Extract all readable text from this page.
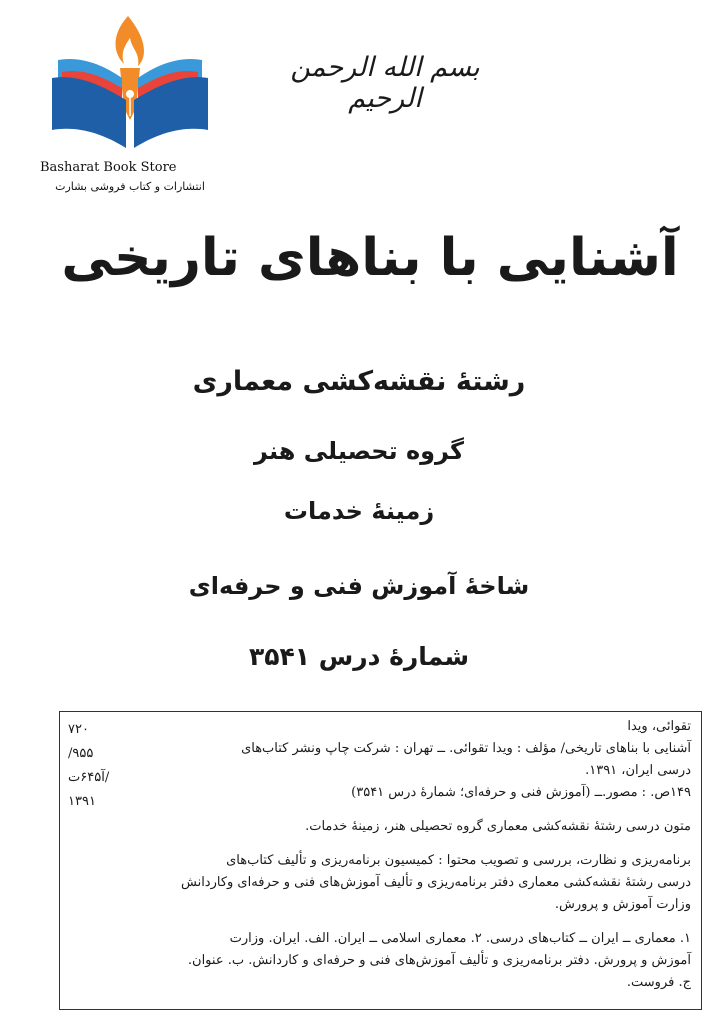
Basharat Book Store
انتشارات و کتاب فروشی بشارت
بسم الله الرحمن الرحیم
آشنایی با بناهای تاریخی
رشتهٔ نقشه‌کشی معماری
گروه تحصیلی هنر
زمینهٔ خدمات
شاخهٔ آموزش فنی و حرفه‌ای
شمارهٔ درس ۳۵۴۱
۷۲۰
/۹۵۵
آ۶۴۵ت/
۱۳۹۱
تقوائی، ویدا
آشنایی با بناهای تاریخی/ مؤلف : ویدا تقوائی. ــ تهران : شرکت چاپ ونشر کتاب‌های
درسی ایران، ۱۳۹۱.
۱۴۹ص. : مصور.ــ (آموزش فنی و حرفه‌ای؛ شمارهٔ درس ۳۵۴۱)
متون درسی رشتهٔ نقشه‌کشی معماری گروه تحصیلی هنر، زمینهٔ خدمات.
برنامه‌ریزی و نظارت، بررسی و تصویب محتوا : کمیسیون برنامه‌ریزی و تألیف کتاب‌های
درسی رشتهٔ نقشه‌کشی معماری دفتر برنامه‌ریزی و تألیف آموزش‌های فنی و حرفه‌ای وکاردانش
وزارت آموزش و پرورش.
۱. معماری ــ ایران ــ کتاب‌های درسی. ۲. معماری اسلامی ــ ایران. الف. ایران. وزارت
آموزش و پرورش. دفتر برنامه‌ریزی و تألیف آموزش‌های فنی و حرفه‌ای و کاردانش. ب. عنوان.
ج. فروست.
